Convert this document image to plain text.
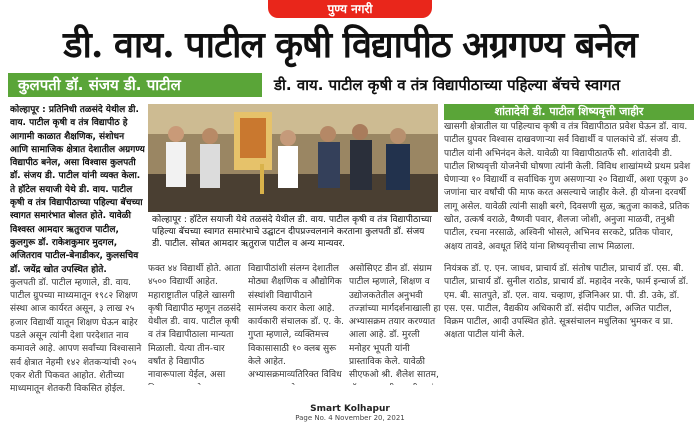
पुण्य नगरी
डी. वाय. पाटील कृषी विद्यापीठ अग्रगण्य बनेल
कुलपती डॉ. संजय डी. पाटील	डी. वाय. पाटील कृषी व तंत्र विद्यापीठाच्या पहिल्या बॅचचे स्वागत

कोल्हापूर : प्रतिनिधी तळसंदे येथील डी. वाय. पाटील कृषी व तंत्र विद्यापीठ हे आगामी काळात शैक्षणिक, संशोधन आणि सामाजिक क्षेत्रात देशातील अग्रगण्य विद्यापीठ बनेल, असा विश्वास कुलपती डॉ. संजय डी. पाटील यांनी व्यक्त केला. ते हॉटेल सयाजी येथे डी. वाय. पाटील कृषी व तंत्र विद्यापीठाच्या पहिल्या बॅचच्या स्वागत समारंभात बोलत होते. यावेळी विश्वस्त आमदार ऋतुराज पाटील, कुलगुरू डॉ. राकेशकुमार मुदगल, अजितराव पाटील-बेनाडीकर, कुलसचिव डॉ. जयेंद्र खोत उपस्थित होते.

कुलपती डॉ. पाटील म्हणाले, डी. वाय. पाटील ग्रुपच्या माध्यमातून १९८२ शिक्षण संस्था आज कार्यरत असून, ३ लाख २५ हजार विद्यार्थी यातून शिक्षण घेऊन बाहेर पडले असून त्यांनी देशा परदेशात नाव कमावले आहे. आपण सर्वांच्या विश्वासाने सर्व क्षेत्रात नेहमी १४२ शेतकऱ्यांची २०५ एकर शेती पिकवत आहोत. शेतीच्या माध्यमातून शेतकरी विकसित होईल.

कोल्हापूर : हॉटेल सयाजी येथे तळसंदे येथील डी. वाय. पाटील कृषी व तंत्र विद्यापीठाच्या पहिल्या बॅचच्या स्वागत समारंभाचे उद्घाटन दीपप्रज्वलनाने करताना कुलपती डॉ. संजय डी. पाटील. सोबत आमदार ऋतुराज पाटील व अन्य मान्यवर.

फक्त ४४ विद्यार्थी होते. आता ४५०० विद्यार्थी आहेत. महाराष्ट्रातील पहिले खासगी कृषी विद्यापीठ म्हणून तळसंदे येथील डी. वाय. पाटील कृषी व तंत्र विद्यापीठाला मान्यता मिळाली. येत्या तीन-चार वर्षांत हे विद्यापीठ नावारूपाला येईल, असा

विद्यापीठांशी संलग्न देशातील मोठ्या शैक्षणिक व औद्योगिक संस्थांशी विद्यापीठाने सामंजस्य करार केला आहे. कार्यकारी संचालक डॉ. ए. के. गुप्ता म्हणाले, व्यक्तिमत्त्व विकासासाठी १० क्लब सुरू केले आहेत. अभ्यासक्रमाव्यतिरिक्त विविध

असोसिएट डीन डॉ. संग्राम पाटील म्हणाले, शिक्षण व उद्योजकतेतील अनुभवी तज्ज्ञांच्या मार्गदर्शनाखाली हा अभ्यासक्रम तयार करण्यात आला आहे. डॉ. मुरली मनोहर भूपती यांनी प्रास्ताविक केले. यावेळी सीएफओ श्री. शैलेश सातम,

शांतादेवी डी. पाटील शिष्यवृत्ती जाहीर

खासगी क्षेत्रातील या पहिल्याच कृषी व तंत्र विद्यापीठात प्रवेश घेऊन डॉ. वाय. पाटील ग्रुपवर विश्वास दाखवणाऱ्या सर्व विद्यार्थी व पालकांचे डॉ. संजय डी. पाटील यांनी अभिनंदन केले. यावेळी या विद्यापीठातर्फे सौ. शांतादेवी डी. पाटील शिष्यवृत्ती योजनेची घोषणा त्यांनी केली. विविध शाखांमध्ये प्रथम प्रवेश घेणाऱ्या १० विद्यार्थी व सर्वाधिक गुण असणाऱ्या २० विद्यार्थी, अशा एकूण ३० जणांना चार वर्षांची फी माफ करत असल्याचे जाहीर केले. ही योजना दरवर्षी लागू असेल. यावेळी त्यांनी साक्षी बरगे, दिवसणी सुळ, ऋतुजा काकडे, प्रतिक खोत, उत्कर्ष वराळे, वैष्णवी पवार, शैलजा जोशी, अनुजा माळवी, तनुश्री पाटील, रचना नरसाळे, अश्विनी भोसले, अभिनव सरकटे, प्रतिक पोवार, अक्षय तावडे, अवधूत शिंदे यांना शिष्यवृत्तीचा लाभ मिळाला.

नियंत्रक डॉ. ए. एन. जाधव, प्राचार्य डॉ. संतोष पाटील, प्राचार्य डॉ. एस. बी. पाटील, प्राचार्य डॉ. सुनील राठोड, प्राचार्य डॉ. महादेव नरके, फार्म इन्चार्ज डॉ. एम. बी. सातपुते, डॉ. एल. वाय. चव्हाण, इंजिनिअर प्रा. पी. डी. उके, डॉ. एस. एस. पाटील, वैद्यकीय अधिकारी डॉ. संदीप पाटील, अजित पाटील, विक्रम पाटील, आदी उपस्थित होते. सूत्रसंचालन मधुलिका भुमकर व प्रा. अक्षता पाटील यांनी केले.

Smart Kolhapur
Page No. 4 November 20, 2021
